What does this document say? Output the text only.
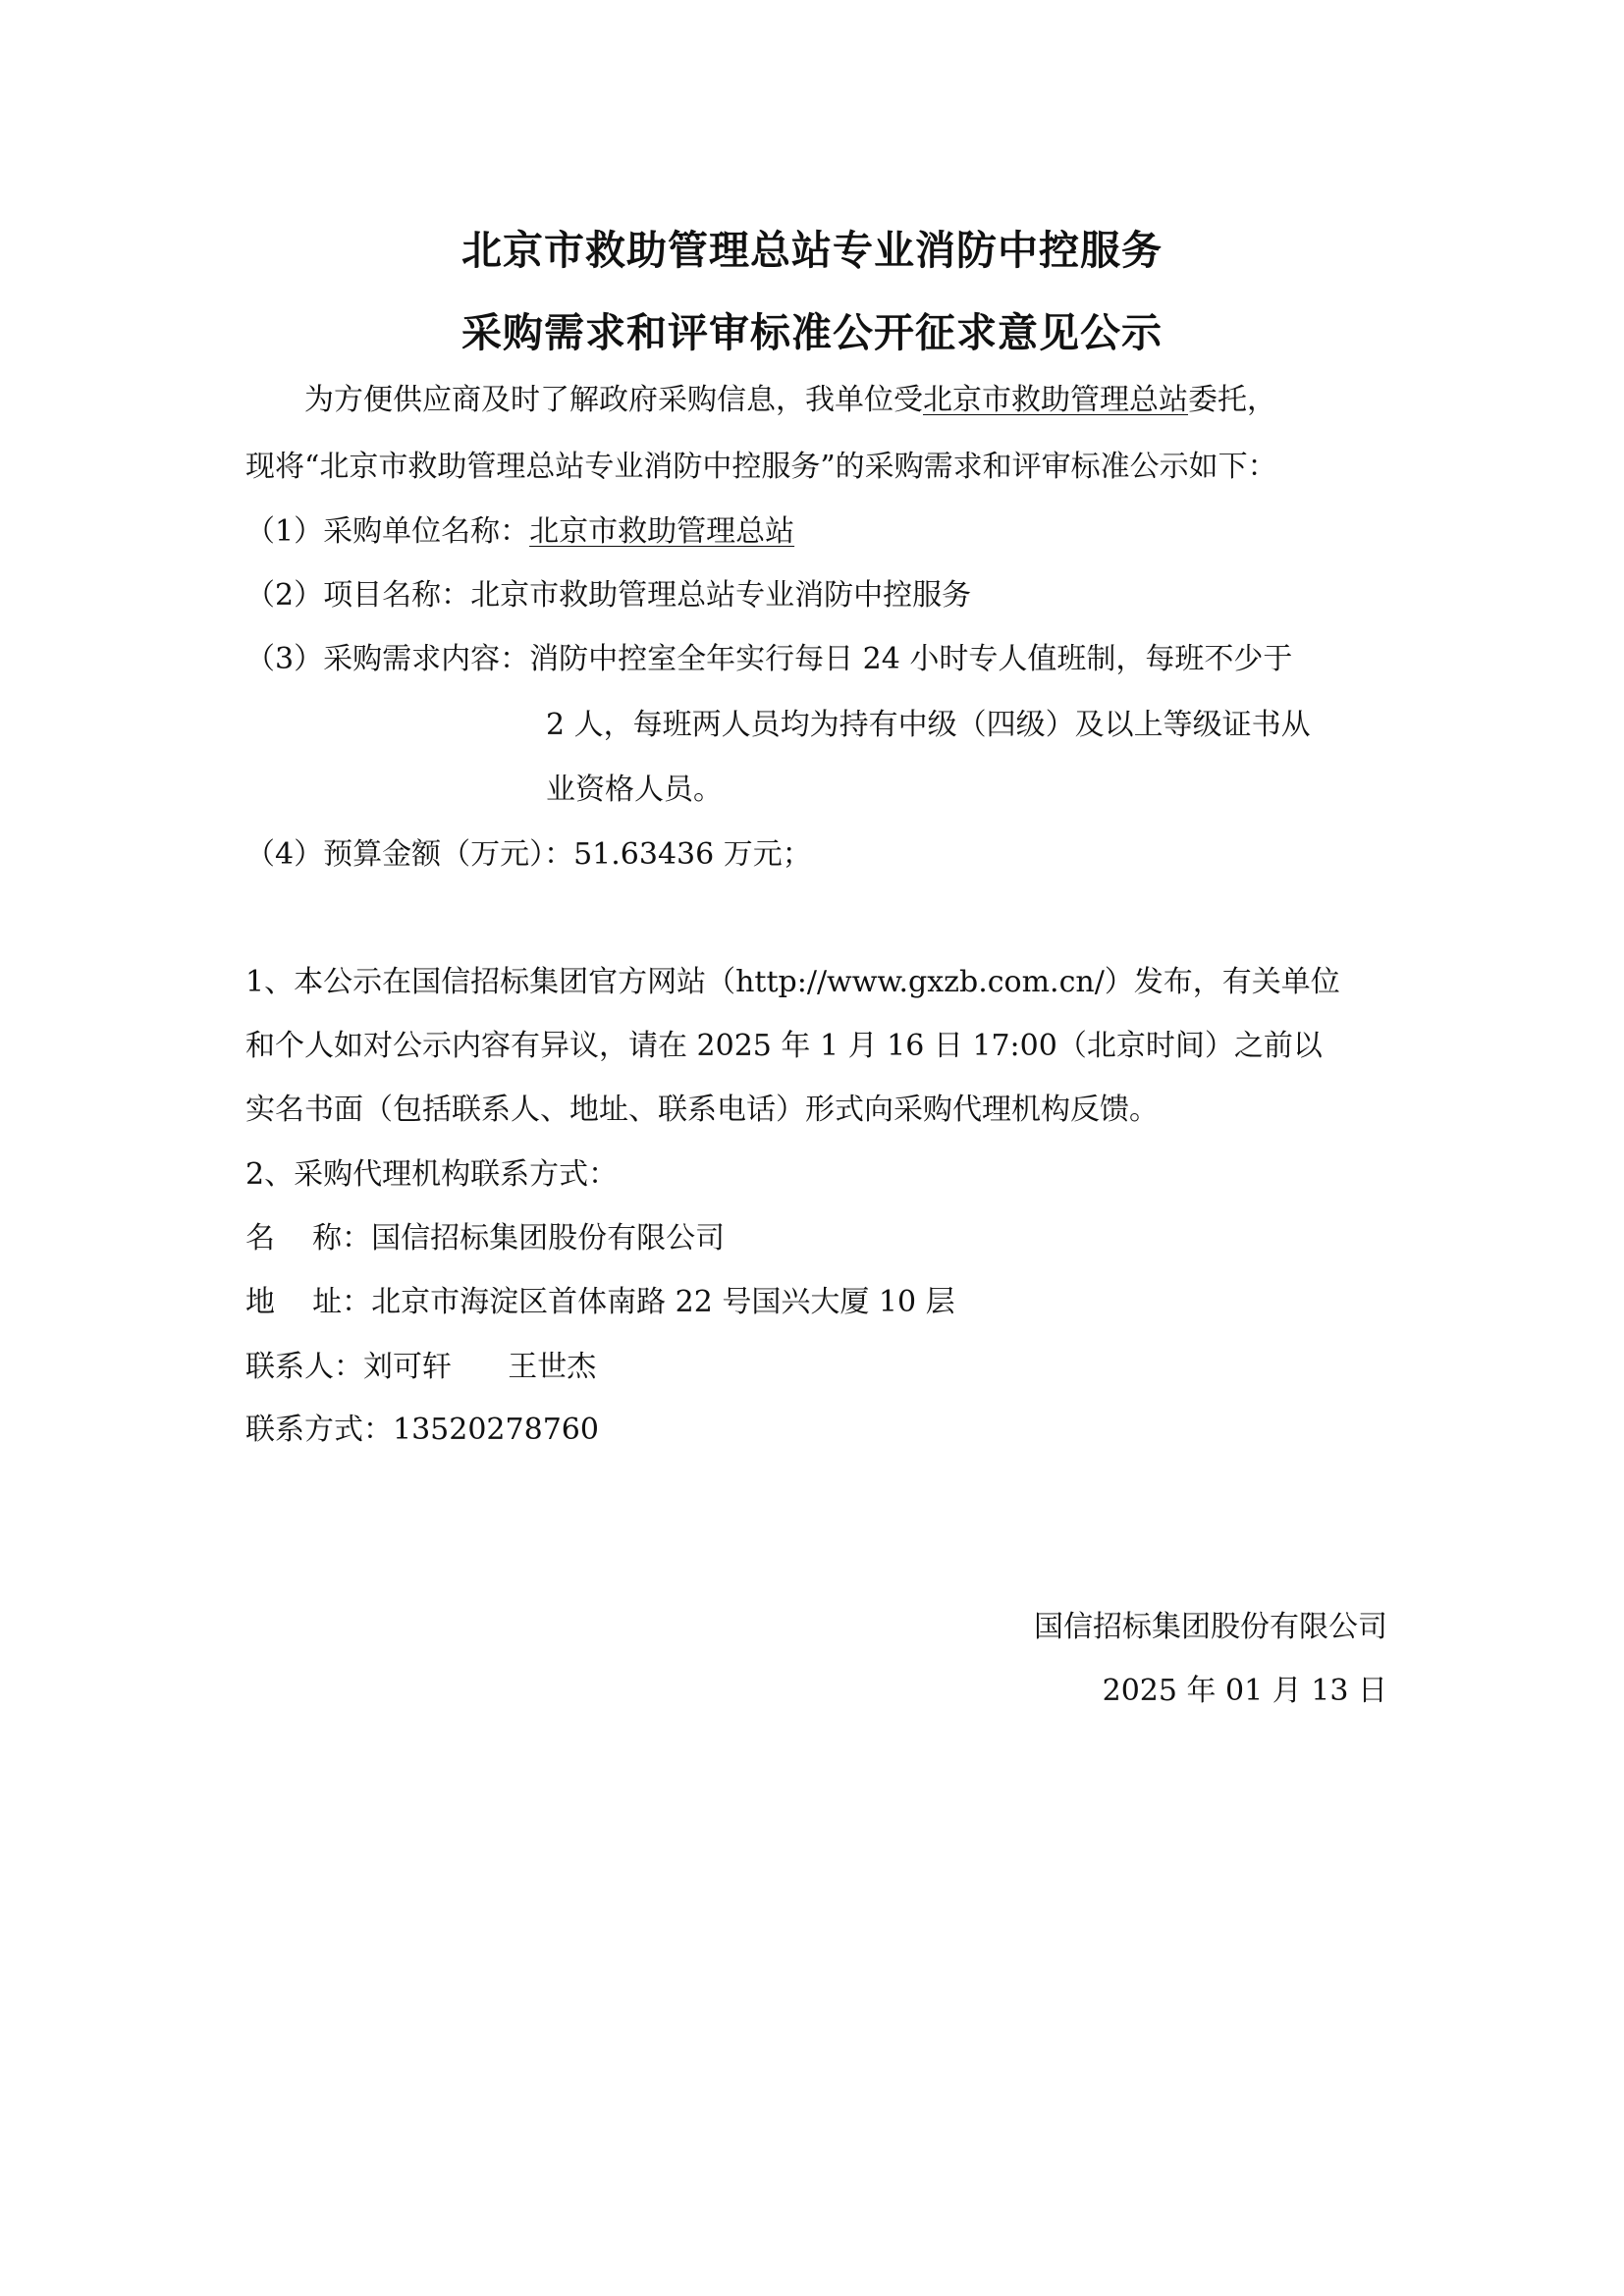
北京市救助管理总站专业消防中控服务
采购需求和评审标准公开征求意见公示
为方便供应商及时了解政府采购信息，我单位受北京市救助管理总站委托，
现将“北京市救助管理总站专业消防中控服务”的采购需求和评审标准公示如下：
（1）采购单位名称：北京市救助管理总站
（2）项目名称：北京市救助管理总站专业消防中控服务
（3）采购需求内容：消防中控室全年实行每日 24 小时专人值班制，每班不少于
2 人，每班两人员均为持有中级（四级）及以上等级证书从
业资格人员。
（4）预算金额（万元）：51.63436 万元；
1、本公示在国信招标集团官方网站（http://www.gxzb.com.cn/）发布，有关单位
和个人如对公示内容有异议，请在 2025 年 1 月 16 日 17:00（北京时间）之前以
实名书面（包括联系人、地址、联系电话）形式向采购代理机构反馈。
2、采购代理机构联系方式：
名    称：国信招标集团股份有限公司
地    址：北京市海淀区首体南路 22 号国兴大厦 10 层
联系人：刘可轩      王世杰
联系方式：13520278760
国信招标集团股份有限公司
2025 年 01 月 13 日
